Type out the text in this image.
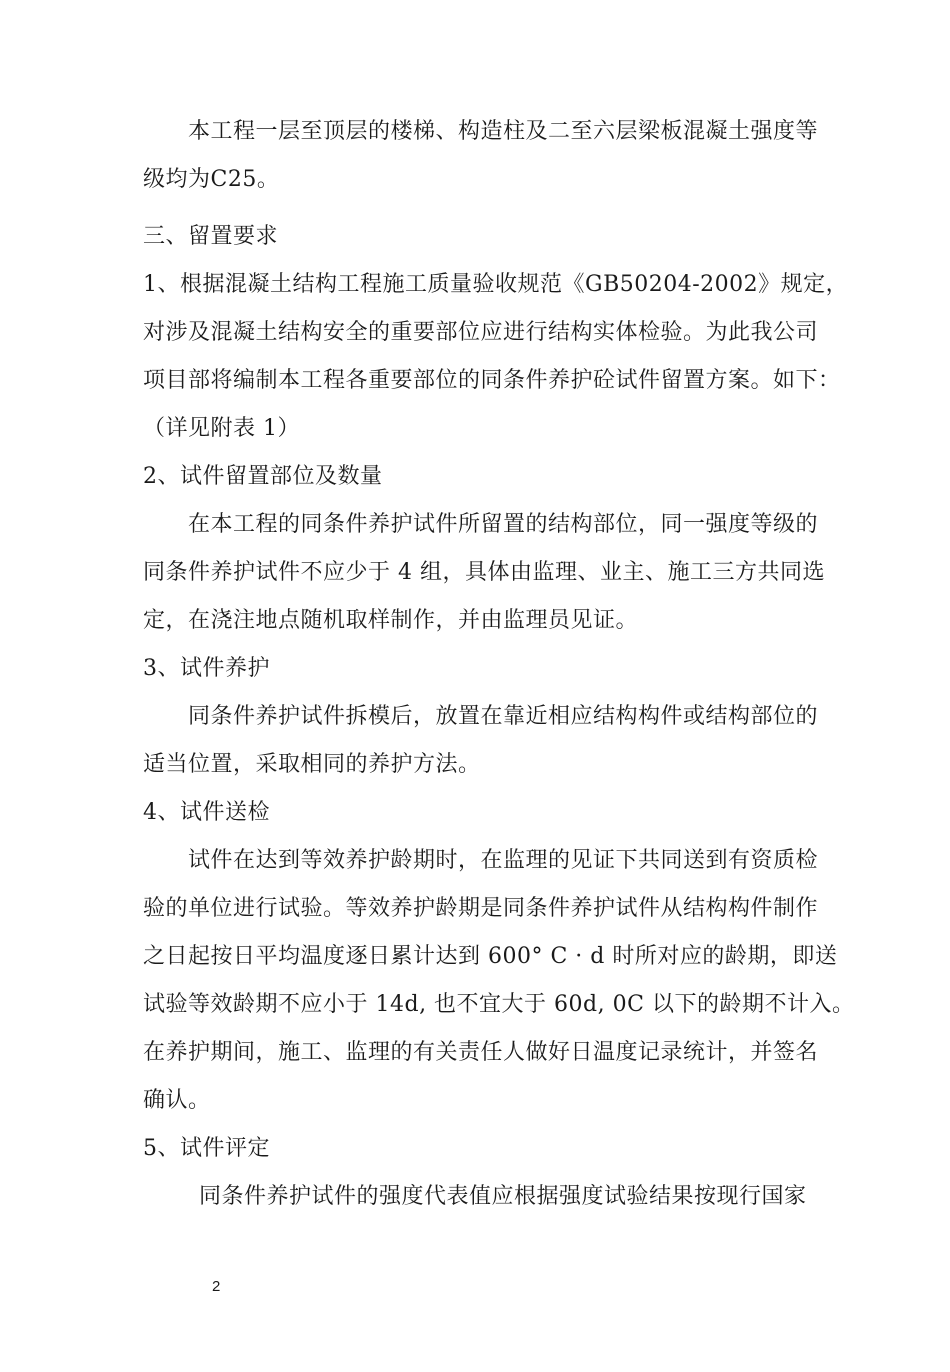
本工程一层至顶层的楼梯、构造柱及二至六层梁板混凝土强度等
级均为C25。
三、留置要求
1、根据混凝土结构工程施工质量验收规范《GB50204-2002》规定，
对涉及混凝土结构安全的重要部位应进行结构实体检验。为此我公司
项目部将编制本工程各重要部位的同条件养护砼试件留置方案。如下：
（详见附表 1）
2、试件留置部位及数量
在本工程的同条件养护试件所留置的结构部位，同一强度等级的
同条件养护试件不应少于 4 组，具体由监理、业主、施工三方共同选
定，在浇注地点随机取样制作，并由监理员见证。
3、试件养护
同条件养护试件拆模后，放置在靠近相应结构构件或结构部位的
适当位置，采取相同的养护方法。
4、试件送检
试件在达到等效养护龄期时，在监理的见证下共同送到有资质检
验的单位进行试验。等效养护龄期是同条件养护试件从结构构件制作
之日起按日平均温度逐日累计达到 600° C · d 时所对应的龄期，即送
试验等效龄期不应小于 14d, 也不宜大于 60d, 0C 以下的龄期不计入。
在养护期间，施工、监理的有关责任人做好日温度记录统计，并签名
确认。
5、试件评定
同条件养护试件的强度代表值应根据强度试验结果按现行国家
2
